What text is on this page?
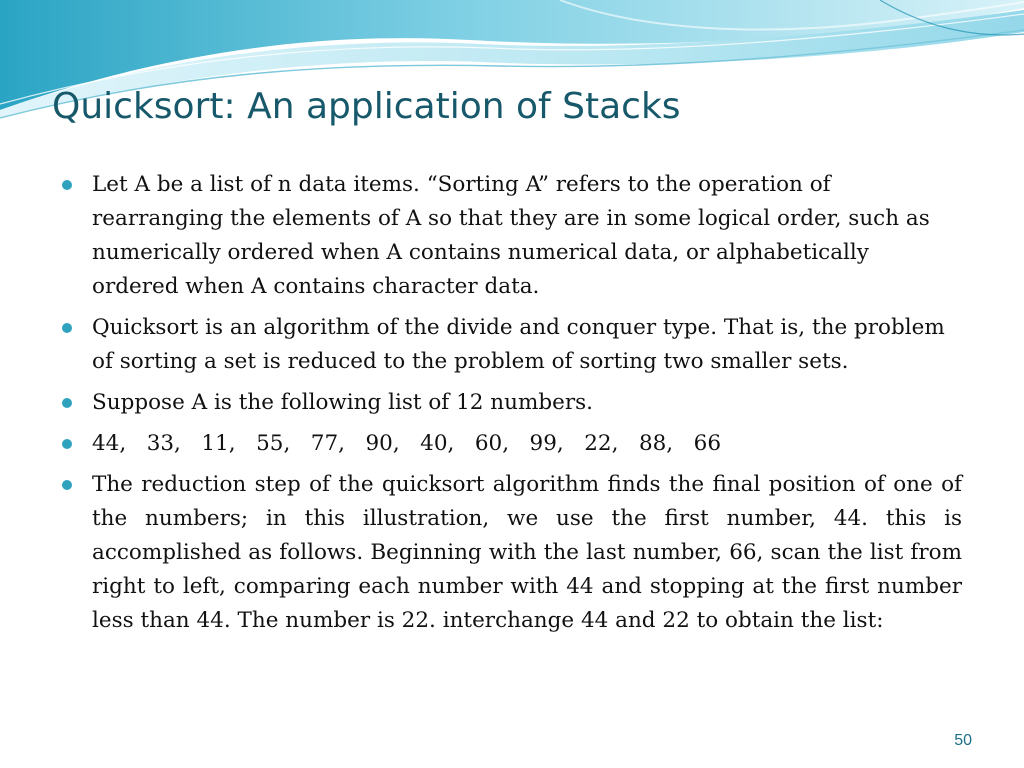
Quicksort: An application of Stacks
Let A be a list of n data items. “Sorting A” refers to the operation of rearranging the elements of A so that they are in some logical order, such as numerically ordered when A contains numerical data, or alphabetically ordered when A contains character data.
Quicksort is an algorithm of the divide and conquer type. That is, the problem of sorting a set is reduced to the problem of sorting two smaller sets.
Suppose A is the following list of 12 numbers.
44,   33,   11,   55,   77,   90,   40,   60,   99,   22,   88,   66
The reduction step of the quicksort algorithm finds the final position of one of the numbers; in this illustration, we use the first number, 44. this is accomplished as follows. Beginning with the last number, 66, scan the list from right to left, comparing each number with 44 and stopping at the first number less than 44. The number is 22. interchange 44 and 22 to obtain the list:
50
